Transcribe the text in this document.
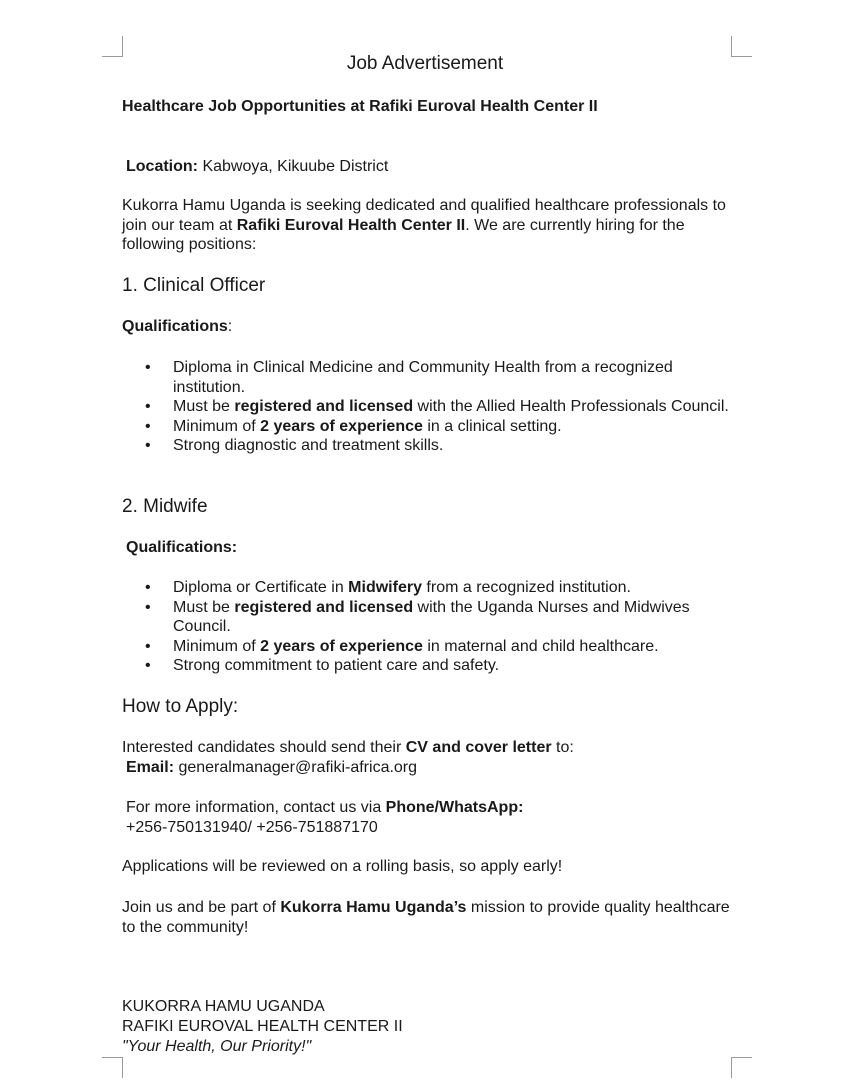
Job Advertisement
Healthcare Job Opportunities at Rafiki Euroval Health Center II
Location: Kabwoya, Kikuube District
Kukorra Hamu Uganda is seeking dedicated and qualified healthcare professionals to join our team at Rafiki Euroval Health Center II. We are currently hiring for the following positions:
1. Clinical Officer
Qualifications:
• Diploma in Clinical Medicine and Community Health from a recognized institution.
• Must be registered and licensed with the Allied Health Professionals Council.
• Minimum of 2 years of experience in a clinical setting.
• Strong diagnostic and treatment skills.
2. Midwife
Qualifications:
• Diploma or Certificate in Midwifery from a recognized institution.
• Must be registered and licensed with the Uganda Nurses and Midwives Council.
• Minimum of 2 years of experience in maternal and child healthcare.
• Strong commitment to patient care and safety.
How to Apply:
Interested candidates should send their CV and cover letter to:
Email: generalmanager@rafiki-africa.org
For more information, contact us via Phone/WhatsApp:
+256-750131940/ +256-751887170
Applications will be reviewed on a rolling basis, so apply early!
Join us and be part of Kukorra Hamu Uganda’s mission to provide quality healthcare to the community!
KUKORRA HAMU UGANDA
RAFIKI EUROVAL HEALTH CENTER II
"Your Health, Our Priority!"
